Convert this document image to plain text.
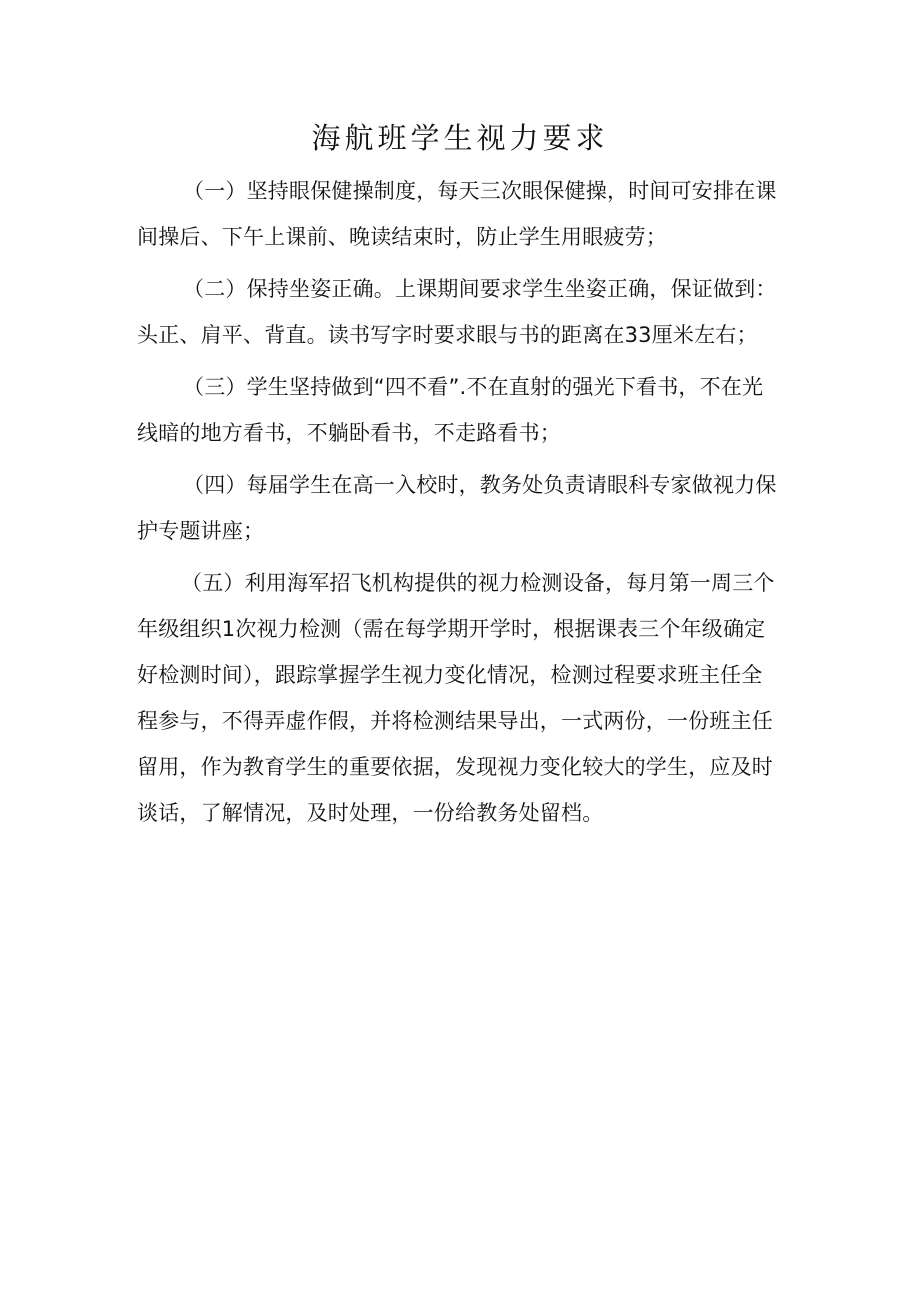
海航班学生视力要求
（一）坚持眼保健操制度，每天三次眼保健操，时间可安排在课
间操后、下午上课前、晚读结束时，防止学生用眼疲劳；
（二）保持坐姿正确。上课期间要求学生坐姿正确，保证做到：
头正、肩平、背直。读书写字时要求眼与书的距离在33厘米左右；
（三）学生坚持做到“四不看”.不在直射的强光下看书，不在光
线暗的地方看书，不躺卧看书，不走路看书；
（四）每届学生在高一入校时，教务处负责请眼科专家做视力保
护专题讲座；
（五）利用海军招飞机构提供的视力检测设备，每月第一周三个
年级组织1次视力检测（需在每学期开学时，根据课表三个年级确定
好检测时间），跟踪掌握学生视力变化情况，检测过程要求班主任全
程参与，不得弄虚作假，并将检测结果导出，一式两份，一份班主任
留用，作为教育学生的重要依据，发现视力变化较大的学生，应及时
谈话，了解情况，及时处理，一份给教务处留档。
